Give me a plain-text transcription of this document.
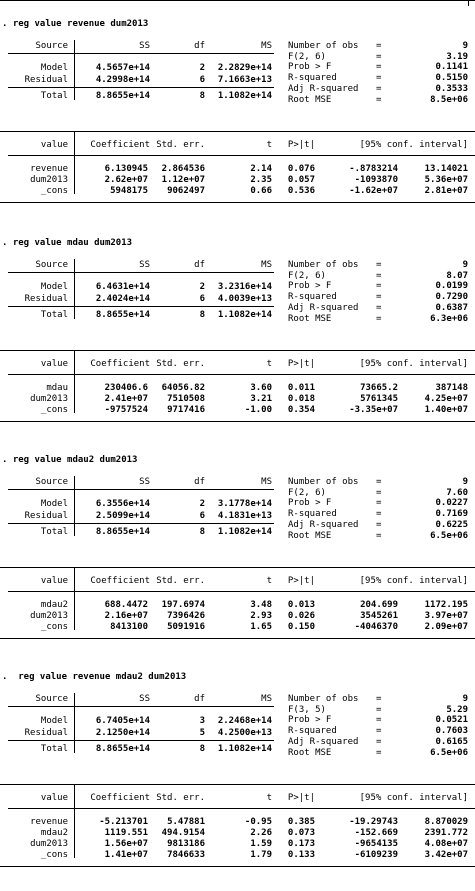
. reg value revenue dum2013
Source	SS	df	MS
Model	4.5657e+14	2	2.2829e+14
Residual	4.2998e+14	6	7.1663e+13
Total	8.8655e+14	8	1.1082e+14
Number of obs	=	9
F(2, 6)	=	3.19
Prob > F	=	0.1141
R-squared	=	0.5150
Adj R-squared	=	0.3533
Root MSE	=	8.5e+06
value	Coefficient Std. err.	t	P>|t|	[95% conf. interval]
revenue	6.130945	2.864536	2.14	0.076	-.8783214	13.14021
dum2013	2.62e+07	1.12e+07	2.35	0.057	-1093870	5.36e+07
_cons	5948175	9062497	0.66	0.536	-1.62e+07	2.81e+07
. reg value mdau dum2013
Source	SS	df	MS
Model	6.4631e+14	2	3.2316e+14
Residual	2.4024e+14	6	4.0039e+13
Total	8.8655e+14	8	1.1082e+14
Number of obs	=	9
F(2, 6)	=	8.07
Prob > F	=	0.0199
R-squared	=	0.7290
Adj R-squared	=	0.6387
Root MSE	=	6.3e+06
value	Coefficient Std. err.	t	P>|t|	[95% conf. interval]
mdau	230406.6	64056.82	3.60	0.011	73665.2	387148
dum2013	2.41e+07	7510508	3.21	0.018	5761345	4.25e+07
_cons	-9757524	9717416	-1.00	0.354	-3.35e+07	1.40e+07
. reg value mdau2 dum2013
Source	SS	df	MS
Model	6.3556e+14	2	3.1778e+14
Residual	2.5099e+14	6	4.1831e+13
Total	8.8655e+14	8	1.1082e+14
Number of obs	=	9
F(2, 6)	=	7.60
Prob > F	=	0.0227
R-squared	=	0.7169
Adj R-squared	=	0.6225
Root MSE	=	6.5e+06
value	Coefficient Std. err.	t	P>|t|	[95% conf. interval]
mdau2	688.4472	197.6974	3.48	0.013	204.699	1172.195
dum2013	2.16e+07	7396426	2.93	0.026	3545261	3.97e+07
_cons	8413100	5091916	1.65	0.150	-4046370	2.09e+07
.  reg value revenue mdau2 dum2013
Source	SS	df	MS
Model	6.7405e+14	3	2.2468e+14
Residual	2.1250e+14	5	4.2500e+13
Total	8.8655e+14	8	1.1082e+14
Number of obs	=	9
F(3, 5)	=	5.29
Prob > F	=	0.0521
R-squared	=	0.7603
Adj R-squared	=	0.6165
Root MSE	=	6.5e+06
value	Coefficient Std. err.	t	P>|t|	[95% conf. interval]
revenue	-5.213701	5.47881	-0.95	0.385	-19.29743	8.870029
mdau2	1119.551	494.9154	2.26	0.073	-152.669	2391.772
dum2013	1.56e+07	9813186	1.59	0.173	-9654135	4.08e+07
_cons	1.41e+07	7846633	1.79	0.133	-6109239	3.42e+07
